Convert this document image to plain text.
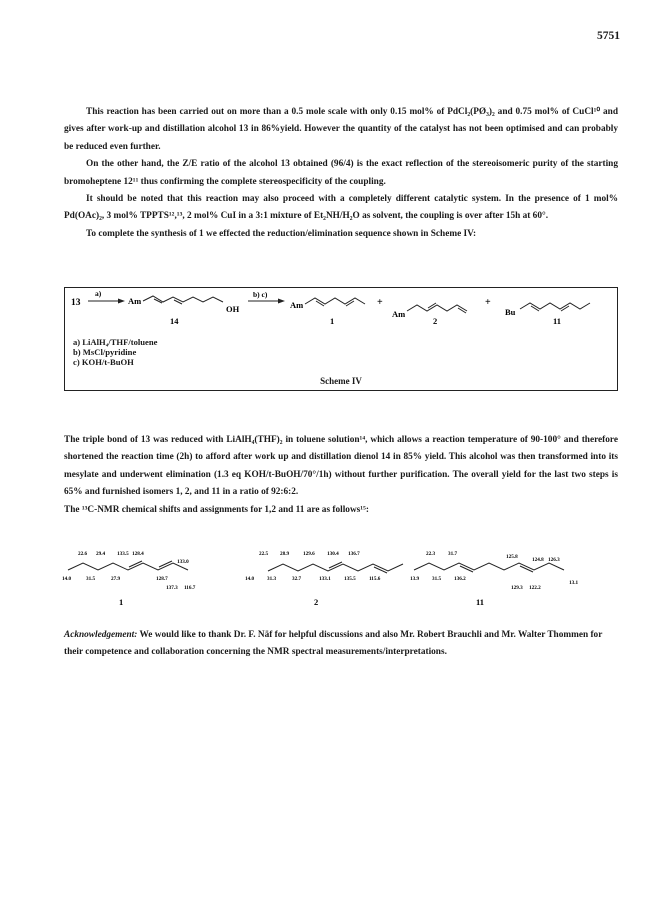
5751

This reaction has been carried out on more than a 0.5 mole scale with only 0.15 mol% of PdCl₂(PØ₃)₂ and 0.75 mol% of CuCl¹⁰ and gives after work-up and distillation alcohol 13 in 86%yield. However the quantity of the catalyst has not been optimised and can probably be reduced even further.

On the other hand, the Z/E ratio of the alcohol 13 obtained (96/4) is the exact reflection of the stereoisomeric purity of the starting bromoheptene 12¹¹ thus confirming the complete stereospecificity of the coupling.

It should be noted that this reaction may also proceed with a completely different catalytic system. In the presence of 1 mol% Pd(OAc)₂, 3 mol% TPPTS¹²,¹³, 2 mol% CuI in a 3:1 mixture of Et₂NH/H₂O as solvent, the coupling is over after 15h at 60°.

To complete the synthesis of 1 we effected the reduction/elimination sequence shown in Scheme IV:

13
a)
Am
OH
14
b) c)
Am
1
+
Am
2
+
Bu
11
a) LiAlH₄/THF/toluene
b) MsCl/pyridine
c) KOH/t-BuOH
Scheme IV

The triple bond of 13 was reduced with LiAlH₄(THF)₂ in toluene solution¹⁴, which allows a reaction temperature of 90-100° and therefore shortened the reaction time (2h) to afford after work up and distillation dienol 14 in 85% yield. This alcohol was then transformed into its mesylate and underwent elimination (1.3 eq KOH/t-BuOH/70°/1h) without further purification. The overall yield for the last two steps is 65% and furnished isomers 1, 2, and 11 in a ratio of 92:6:2.

The ¹³C-NMR chemical shifts and assignments for 1,2 and 11 are as follows¹⁵:

22.6 29.4 133.5 128.4
133.0
14.0	31.5	27.9	128.7
137.3 116.7
1
22.5 28.9	129.6 130.4 136.7
14.0 31.3	32.7	133.1	135.5	115.6
2
22.3 31.7	125.8	124.8 126.3
13.9 31.5 136.2
13.1
129.3 122.2
11
Acknowledgement: We would like to thank Dr. F. Näf for helpful discussions and also Mr. Robert Brauchli and Mr. Walter Thommen for their competence and collaboration concerning the NMR spectral measurements/interpretations.
